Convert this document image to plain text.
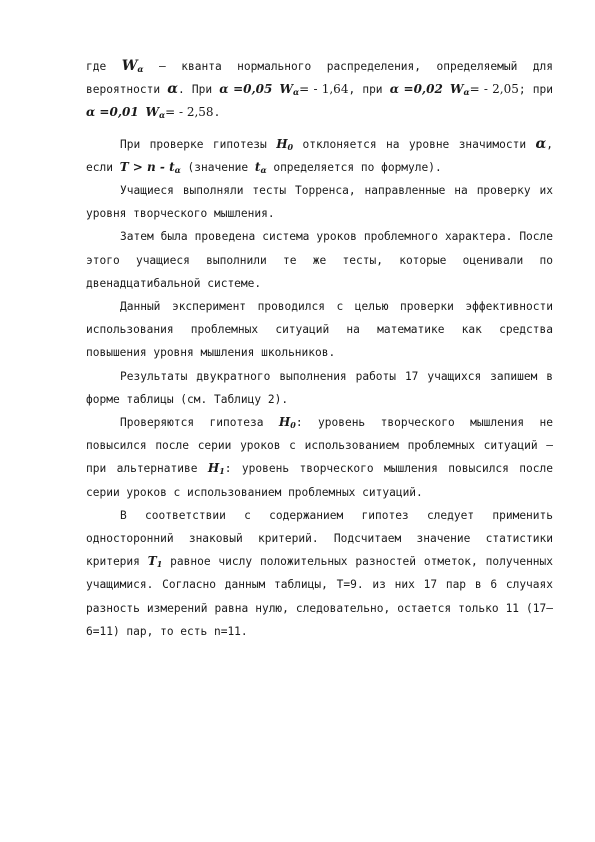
где $W_\alpha$ – кванта нормального распределения, определяемый для вероятности α. При α =0,05 $W_\alpha= - 1,64$, при α =0,02 $W_\alpha= - 2,05$; при α =0,01 $W_\alpha= - 2,58$.

При проверке гипотезы $H_0$ отклоняется на уровне значимости α, если $T > n - t_\alpha$ (значение $t_\alpha$ определяется по формуле).

Учащиеся выполняли тесты Торренса, направленные на проверку их уровня творческого мышления.

Затем была проведена система уроков проблемного характера. После этого учащиеся выполнили те же тесты, которые оценивали по двенадцатибальной системе.

Данный эксперимент проводился с целью проверки эффективности использования проблемных ситуаций на математике как средства повышения уровня мышления школьников.

Результаты двукратного выполнения работы 17 учащихся запишем в форме таблицы (см. Таблицу 2).

Проверяются гипотеза $H_0$: уровень творческого мышления не повысился после серии уроков с использованием проблемных ситуаций – при альтернативе $H_1$: уровень творческого мышления повысился после серии уроков с использованием проблемных ситуаций.

В соответствии с содержанием гипотез следует применить односторонний знаковый критерий. Подсчитаем значение статистики критерия $T_1$ равное числу положительных разностей отметок, полученных учащимися. Согласно данным таблицы, T=9. из них 17 пар в 6 случаях разность измерений равна нулю, следовательно, остается только 11 (17–6=11) пар, то есть n=11.
